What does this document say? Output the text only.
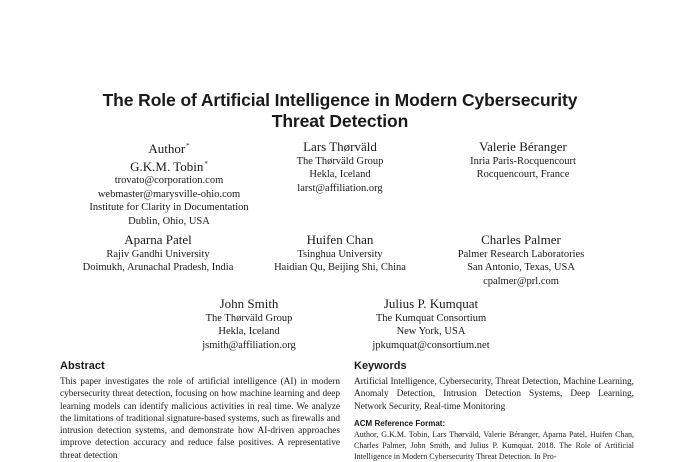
The Role of Artificial Intelligence in Modern Cybersecurity
Threat Detection
Author*
G.K.M. Tobin*
trovato@corporation.com
webmaster@marysville-ohio.com
Institute for Clarity in Documentation
Dublin, Ohio, USA
Lars Thørväld
The Thørväld Group
Hekla, Iceland
larst@affiliation.org
Valerie Béranger
Inria Paris-Rocquencourt
Rocquencourt, France
Aparna Patel
Rajiv Gandhi University
Doimukh, Arunachal Pradesh, India
Huifen Chan
Tsinghua University
Haidian Qu, Beijing Shi, China
Charles Palmer
Palmer Research Laboratories
San Antonio, Texas, USA
cpalmer@prl.com
John Smith
The Thørväld Group
Hekla, Iceland
jsmith@affiliation.org
Julius P. Kumquat
The Kumquat Consortium
New York, USA
jpkumquat@consortium.net
Abstract

This paper investigates the role of artificial intelligence (AI) in modern cybersecurity threat detection, focusing on how machine learning and deep learning models can identify malicious activities in real time. We analyze the limitations of traditional signature-based systems, such as firewalls and intrusion detection systems, and demonstrate how AI-driven approaches improve detection accuracy and reduce false positives. A representative threat detection

Keywords

Artificial Intelligence, Cybersecurity, Threat Detection, Machine Learning, Anomaly Detection, Intrusion Detection Systems, Deep Learning, Network Security, Real-time Monitoring

ACM Reference Format:

Author, G.K.M. Tobin, Lars Thørväld, Valerie Béranger, Aparna Patel, Huifen Chan, Charles Palmer, John Smith, and Julius P. Kumquat. 2018. The Role of Artificial Intelligence in Modern Cybersecurity Threat Detection. In Pro-
